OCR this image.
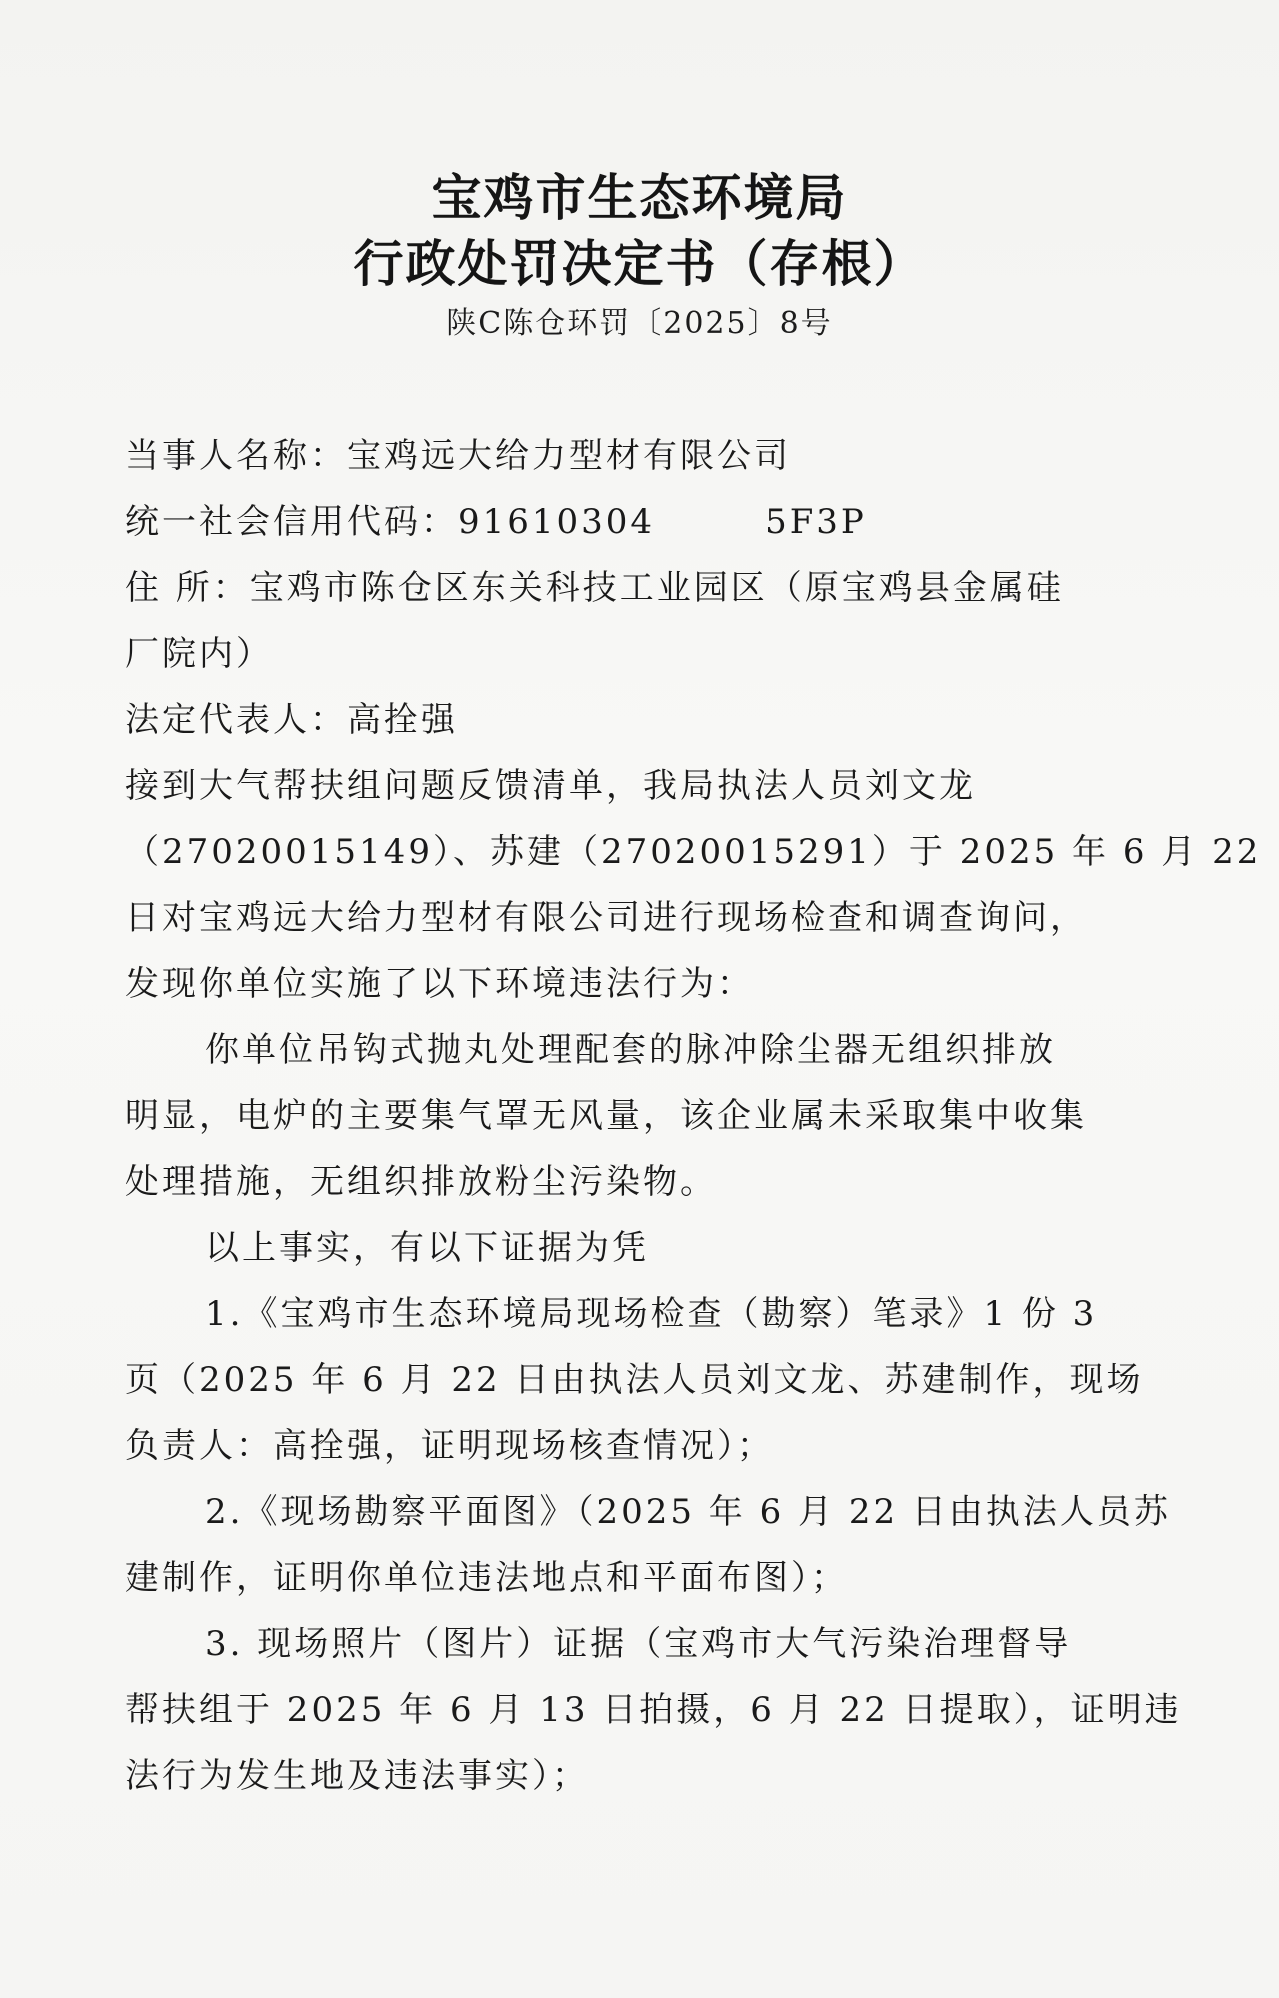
宝鸡市生态环境局
行政处罚决定书（存根）
陕C陈仓环罚〔2025〕8号
当事人名称：宝鸡远大给力型材有限公司
统一社会信用代码：91610304	5F3P
住 所：宝鸡市陈仓区东关科技工业园区（原宝鸡县金属硅
厂院内）
法定代表人：高拴强
接到大气帮扶组问题反馈清单，我局执法人员刘文龙
（27020015149）、苏建（27020015291）于 2025 年 6 月 22
日对宝鸡远大给力型材有限公司进行现场检查和调查询问，
发现你单位实施了以下环境违法行为：
你单位吊钩式抛丸处理配套的脉冲除尘器无组织排放
明显，电炉的主要集气罩无风量，该企业属未采取集中收集
处理措施，无组织排放粉尘污染物。
以上事实，有以下证据为凭
1.《宝鸡市生态环境局现场检查（勘察）笔录》1 份 3
页（2025 年 6 月 22 日由执法人员刘文龙、苏建制作，现场
负责人：高拴强，证明现场核查情况）；
2.《现场勘察平面图》（2025 年 6 月 22 日由执法人员苏
建制作，证明你单位违法地点和平面布图）；
3. 现场照片（图片）证据（宝鸡市大气污染治理督导
帮扶组于 2025 年 6 月 13 日拍摄，6 月 22 日提取），证明违
法行为发生地及违法事实）；
